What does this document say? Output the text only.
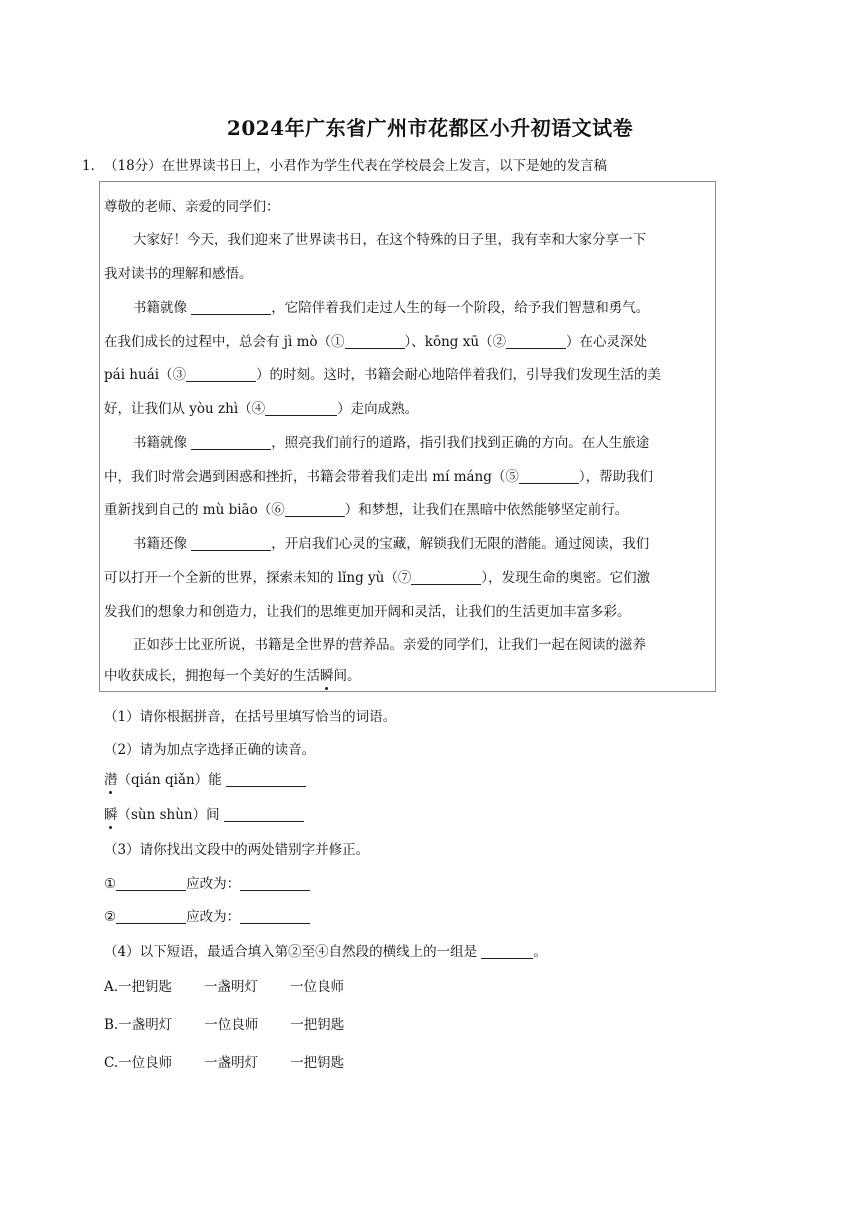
2024年广东省广州市花都区小升初语文试卷
1．（18分）在世界读书日上，小君作为学生代表在学校晨会上发言，以下是她的发言稿
尊敬的老师、亲爱的同学们：
大家好！今天，我们迎来了世界读书日，在这个特殊的日子里，我有幸和大家分享一下
我对读书的理解和感悟。
书籍就像	，它陪伴着我们走过人生的每一个阶段，给予我们智慧和勇气。
在我们成长的过程中，总会有 jì mò（①	）、kōng xū（②	）在心灵深处
pái huái（③	）的时刻。这时，书籍会耐心地陪伴着我们，引导我们发现生活的美
好，让我们从 yòu zhì（④	）走向成熟。
书籍就像	，照亮我们前行的道路，指引我们找到正确的方向。在人生旅途
中，我们时常会遇到困惑和挫折，书籍会带着我们走出 mí máng（⑤	），帮助我们
重新找到自己的 mù biāo（⑥	）和梦想，让我们在黑暗中依然能够坚定前行。
书籍还像	，开启我们心灵的宝藏，解锁我们无限的潜能。通过阅读，我们
可以打开一个全新的世界，探索未知的 lǐng yù（⑦	），发现生命的奥密。它们激
发我们的想象力和创造力，让我们的思维更加开阔和灵活，让我们的生活更加丰富多彩。
正如莎士比亚所说，书籍是全世界的营养品。亲爱的同学们，让我们一起在阅读的滋养
中收获成长，拥抱每一个美好的生活瞬间。
（1）请你根据拼音，在括号里填写恰当的词语。
（2）请为加点字选择正确的读音。
潜（qián qiǎn）能
瞬（sùn shùn）间
（3）请你找出文段中的两处错别字并修正。
①	应改为：
②	应改为：
（4）以下短语，最适合填入第②至④自然段的横线上的一组是	。
A.一把钥匙 一盏明灯 一位良师
B.一盏明灯 一位良师 一把钥匙
C.一位良师 一盏明灯 一把钥匙
